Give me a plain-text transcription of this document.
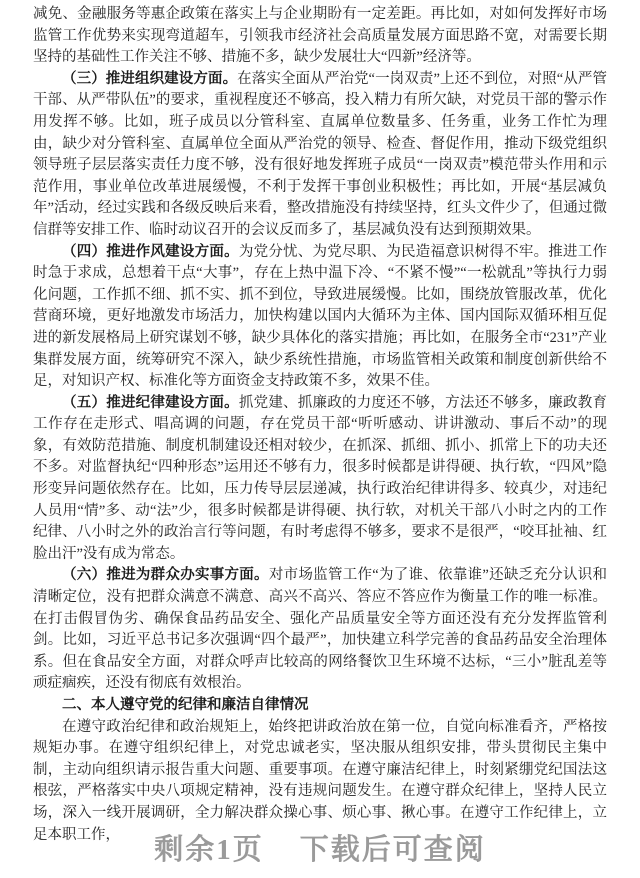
减免、金融服务等惠企政策在落实上与企业期盼有一定差距。再比如，对如何发挥好市场监管工作优势来实现弯道超车，引领我市经济社会高质量发展方面思路不宽，对需要长期坚持的基础性工作关注不够、措施不多，缺少发展壮大“四新”经济等。

（三）推进组织建设方面。在落实全面从严治党“一岗双责”上还不到位，对照“从严管干部、从严带队伍”的要求，重视程度还不够高，投入精力有所欠缺，对党员干部的警示作用发挥不够。比如，班子成员以分管科室、直属单位数量多、任务重，业务工作忙为理由，缺少对分管科室、直属单位全面从严治党的领导、检查、督促作用，推动下级党组织领导班子层层落实责任力度不够，没有很好地发挥班子成员“一岗双责”模范带头作用和示范作用，事业单位改革进展缓慢，不利于发挥干事创业积极性；再比如，开展“基层减负年”活动，经过实践和各级反映后来看，整改措施没有持续坚持，红头文件少了，但通过微信群等安排工作、临时动议召开的会议反而多了，基层减负没有达到预期效果。

（四）推进作风建设方面。为党分忧、为党尽职、为民造福意识树得不牢。推进工作时急于求成，总想着干点“大事”，存在上热中温下冷、“不紧不慢”“一松就乱”等执行力弱化问题，工作抓不细、抓不实、抓不到位，导致进展缓慢。比如，围绕放管服改革，优化营商环境，更好地激发市场活力，加快构建以国内大循环为主体、国内国际双循环相互促进的新发展格局上研究谋划不够，缺少具体化的落实措施；再比如，在服务全市“231”产业集群发展方面，统筹研究不深入，缺少系统性措施，市场监管相关政策和制度创新供给不足，对知识产权、标准化等方面资金支持政策不多，效果不佳。

（五）推进纪律建设方面。抓党建、抓廉政的力度还不够，方法还不够多，廉政教育工作存在走形式、唱高调的问题，存在党员干部“听听感动、讲讲激动、事后不动”的现象，有效防范措施、制度机制建设还相对较少，在抓深、抓细、抓小、抓常上下的功夫还不多。对监督执纪“四种形态”运用还不够有力，很多时候都是讲得硬、执行软，“四风”隐形变异问题依然存在。比如，压力传导层层递减，执行政治纪律讲得多、较真少，对违纪人员用“情”多、动“法”少，很多时候都是讲得硬、执行软，对机关干部八小时之内的工作纪律、八小时之外的政治言行等问题，有时考虑得不够多，要求不是很严，“咬耳扯袖、红脸出汗”没有成为常态。

（六）推进为群众办实事方面。对市场监管工作“为了谁、依靠谁”还缺乏充分认识和清晰定位，没有把群众满意不满意、高兴不高兴、答应不答应作为衡量工作的唯一标准。在打击假冒伪劣、确保食品药品安全、强化产品质量安全等方面还没有充分发挥监管利剑。比如，习近平总书记多次强调“四个最严”，加快建立科学完善的食品药品安全治理体系。但在食品安全方面，对群众呼声比较高的网络餐饮卫生环境不达标，“三小”脏乱差等顽症痼疾，还没有彻底有效根治。

二、本人遵守党的纪律和廉洁自律情况

在遵守政治纪律和政治规矩上，始终把讲政治放在第一位，自觉向标准看齐，严格按规矩办事。在遵守组织纪律上，对党忠诚老实，坚决服从组织安排，带头贯彻民主集中制，主动向组织请示报告重大问题、重要事项。在遵守廉洁纪律上，时刻紧绷党纪国法这根弦，严格落实中央八项规定精神，没有违规问题发生。在遵守群众纪律上，坚持人民立场，深入一线开展调研，全力解决群众操心事、烦心事、揪心事。在遵守工作纪律上，立足本职工作，	剩余1页 下载后可查阅
